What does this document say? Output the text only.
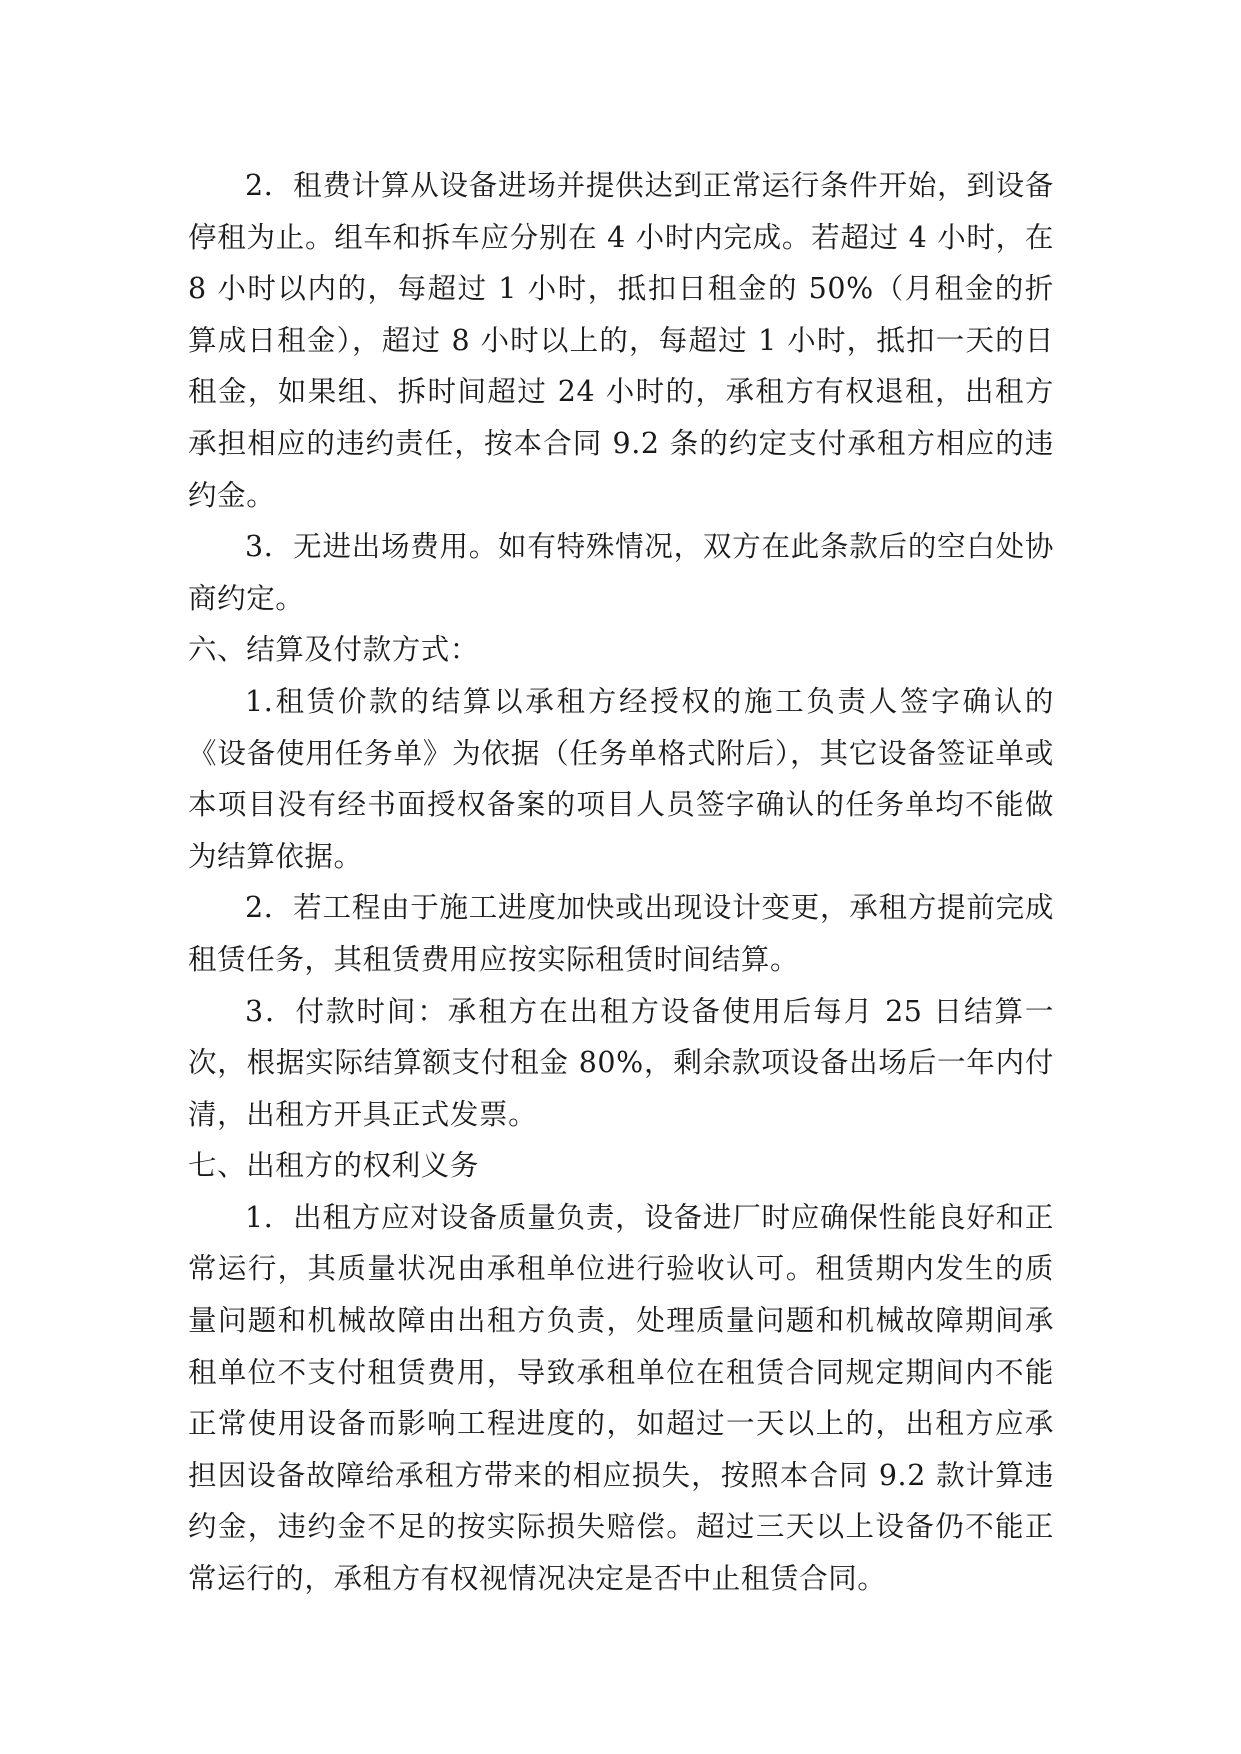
2．租费计算从设备进场并提供达到正常运行条件开始，到设备停租为止。组车和拆车应分别在 4 小时内完成。若超过 4 小时，在 8 小时以内的，每超过 1 小时，抵扣日租金的 50%（月租金的折算成日租金），超过 8 小时以上的，每超过 1 小时，抵扣一天的日租金，如果组、拆时间超过 24 小时的，承租方有权退租，出租方承担相应的违约责任，按本合同 9.2 条的约定支付承租方相应的违约金。

3．无进出场费用。如有特殊情况，双方在此条款后的空白处协商约定。

六、结算及付款方式：

1.租赁价款的结算以承租方经授权的施工负责人签字确认的《设备使用任务单》为依据（任务单格式附后），其它设备签证单或本项目没有经书面授权备案的项目人员签字确认的任务单均不能做为结算依据。

2．若工程由于施工进度加快或出现设计变更，承租方提前完成租赁任务，其租赁费用应按实际租赁时间结算。

3．付款时间：承租方在出租方设备使用后每月 25 日结算一次，根据实际结算额支付租金 80%，剩余款项设备出场后一年内付清，出租方开具正式发票。

七、出租方的权利义务

1．出租方应对设备质量负责，设备进厂时应确保性能良好和正常运行，其质量状况由承租单位进行验收认可。租赁期内发生的质量问题和机械故障由出租方负责，处理质量问题和机械故障期间承租单位不支付租赁费用，导致承租单位在租赁合同规定期间内不能正常使用设备而影响工程进度的，如超过一天以上的，出租方应承担因设备故障给承租方带来的相应损失，按照本合同 9.2 款计算违约金，违约金不足的按实际损失赔偿。超过三天以上设备仍不能正常运行的，承租方有权视情况决定是否中止租赁合同。
